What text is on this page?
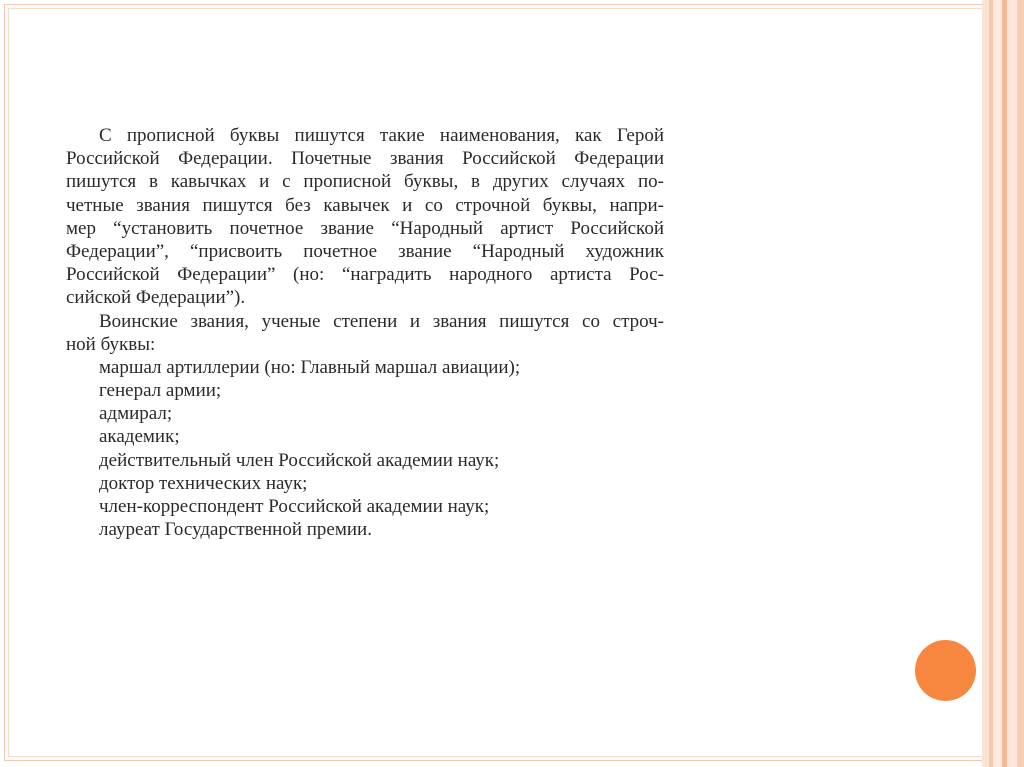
С прописной буквы пишутся такие наименования, как Герой
Российской Федерации. Почетные звания Российской Федерации
пишутся в кавычках и с прописной буквы, в других случаях по-
четные звания пишутся без кавычек и со строчной буквы, напри-
мер “установить почетное звание “Народный артист Российской
Федерации”, “присвоить почетное звание “Народный художник
Российской Федерации” (но: “наградить народного артиста Рос-
сийской Федерации”).
Воинские звания, ученые степени и звания пишутся со строч-
ной буквы:
маршал артиллерии (но: Главный маршал авиации);
генерал армии;
адмирал;
академик;
действительный член Российской академии наук;
доктор технических наук;
член-корреспондент Российской академии наук;
лауреат Государственной премии.
